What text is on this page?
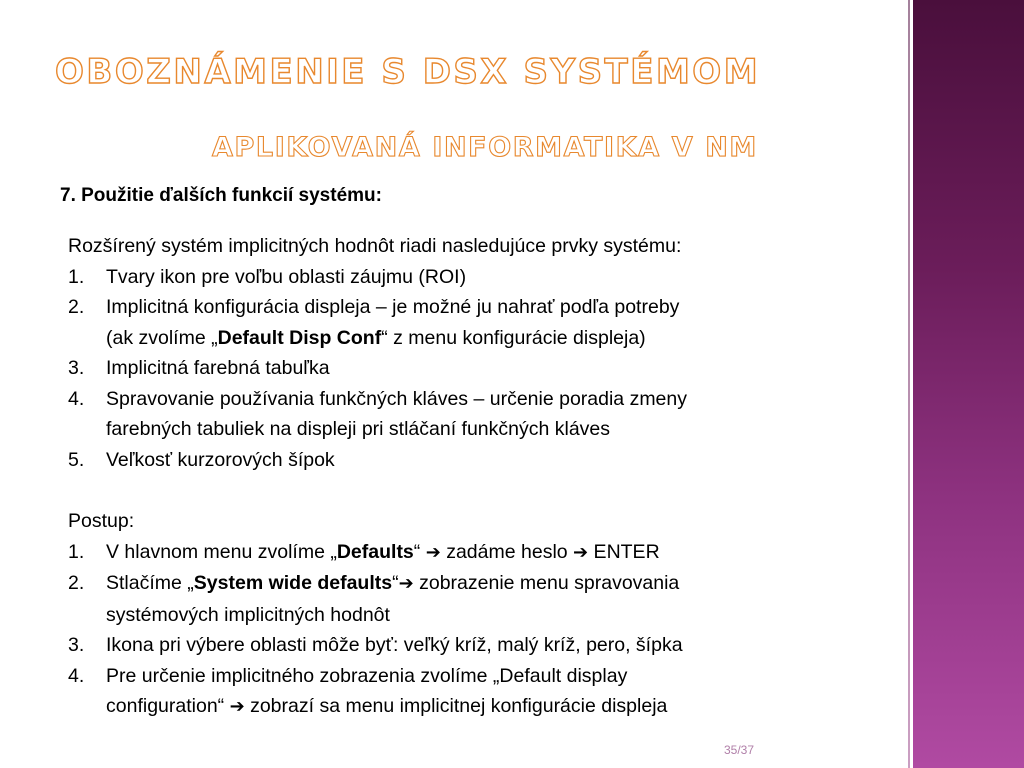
OBOZNÁMENIE S DSX SYSTÉMOM
APLIKOVANÁ INFORMATIKA V NM

7. Použitie ďalších funkcií systému:

Rozšírený systém implicitných hodnôt riadi nasledujúce prvky systému:

1. Tvary ikon pre voľbu oblasti záujmu (ROI)
2. Implicitná konfigurácia displeja – je možné ju nahrať podľa potreby
(ak zvolíme „Default Disp Conf“ z menu konfigurácie displeja)
3. Implicitná farebná tabuľka
4. Spravovanie používania funkčných kláves – určenie poradia zmeny
farebných tabuliek na displeji pri stláčaní funkčných kláves
5. Veľkosť kurzorových šípok

Postup:

1. V hlavnom menu zvolíme „Defaults“ ➔ zadáme heslo ➔ ENTER
2. Stlačíme „System wide defaults“➔ zobrazenie menu spravovania
systémových implicitných hodnôt
3. Ikona pri výbere oblasti môže byť: veľký kríž, malý kríž, pero, šípka
4. Pre určenie implicitného zobrazenia zvolíme „Default display
configuration“ ➔ zobrazí sa menu implicitnej konfigurácie displeja
35/37
